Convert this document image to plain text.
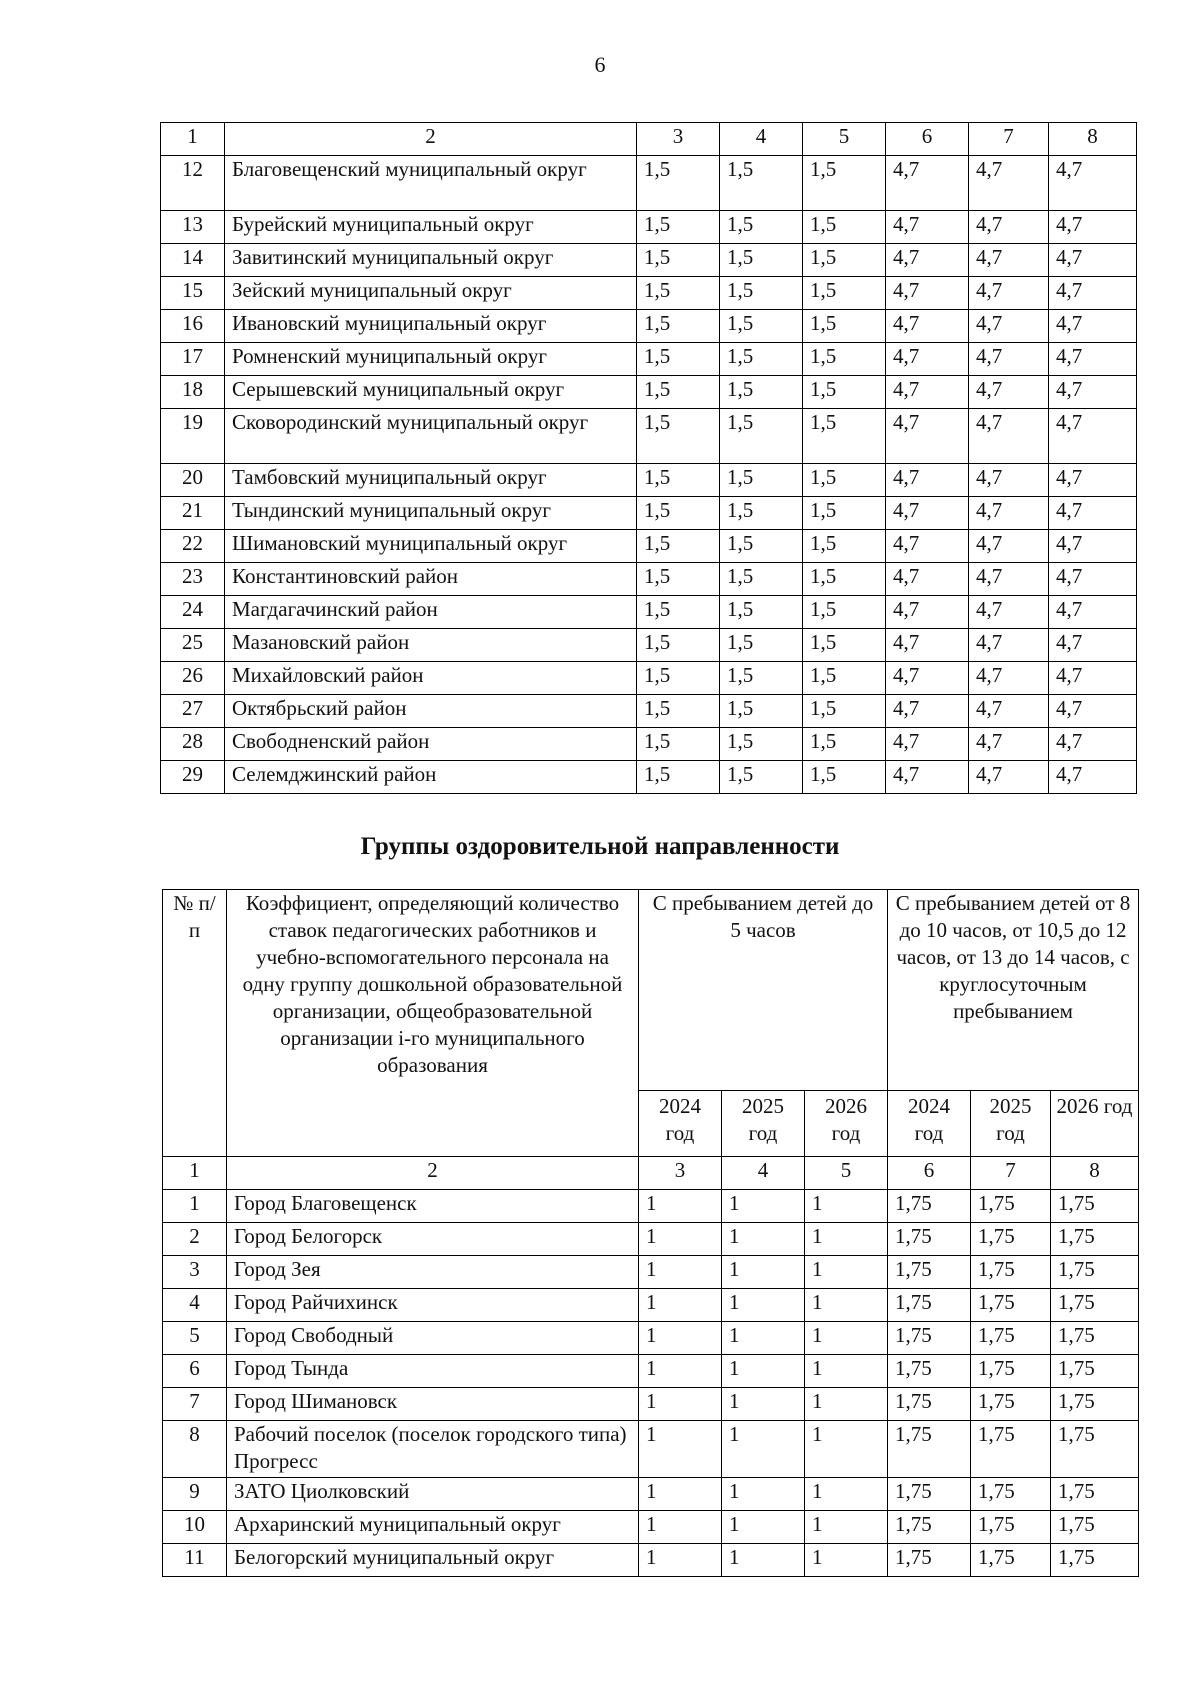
6
1	2	3	4	5	6	7	8
12	Благовещенский муниципальный округ	1,5	1,5	1,5	4,7	4,7	4,7
13	Бурейский муниципальный округ	1,5	1,5	1,5	4,7	4,7	4,7
14	Завитинский муниципальный округ	1,5	1,5	1,5	4,7	4,7	4,7
15	Зейский муниципальный округ	1,5	1,5	1,5	4,7	4,7	4,7
16	Ивановский муниципальный округ	1,5	1,5	1,5	4,7	4,7	4,7
17	Ромненский муниципальный округ	1,5	1,5	1,5	4,7	4,7	4,7
18	Серышевский муниципальный округ	1,5	1,5	1,5	4,7	4,7	4,7
19	Сковородинский муниципальный округ	1,5	1,5	1,5	4,7	4,7	4,7
20	Тамбовский муниципальный округ	1,5	1,5	1,5	4,7	4,7	4,7
21	Тындинский муниципальный округ	1,5	1,5	1,5	4,7	4,7	4,7
22	Шимановский муниципальный округ	1,5	1,5	1,5	4,7	4,7	4,7
23	Константиновский район	1,5	1,5	1,5	4,7	4,7	4,7
24	Магдагачинский район	1,5	1,5	1,5	4,7	4,7	4,7
25	Мазановский район	1,5	1,5	1,5	4,7	4,7	4,7
26	Михайловский район	1,5	1,5	1,5	4,7	4,7	4,7
27	Октябрьский район	1,5	1,5	1,5	4,7	4,7	4,7
28	Свободненский район	1,5	1,5	1,5	4,7	4,7	4,7
29	Селемджинский район	1,5	1,5	1,5	4,7	4,7	4,7
Группы оздоровительной направленности
№ п/п	Коэффициент, определяющий количество ставок педагогических работников и учебно-вспомогательного персонала на одну группу дошкольной образовательной организации, общеобразовательной организации i-го муниципального образования	С пребыванием детей до 5 часов			С пребыванием детей от 8 до 10 часов, от 10,5 до 12 часов, от 13 до 14 часов, с круглосуточным пребыванием		
		2024 год	2025 год	2026 год	2024 год	2025 год	2026 год
1	2	3	4	5	6	7	8
1	Город Благовещенск	1	1	1	1,75	1,75	1,75
2	Город Белогорск	1	1	1	1,75	1,75	1,75
3	Город Зея	1	1	1	1,75	1,75	1,75
4	Город Райчихинск	1	1	1	1,75	1,75	1,75
5	Город Свободный	1	1	1	1,75	1,75	1,75
6	Город Тында	1	1	1	1,75	1,75	1,75
7	Город Шимановск	1	1	1	1,75	1,75	1,75
8	Рабочий поселок (поселок городского типа) Прогресс	1	1	1	1,75	1,75	1,75
9	ЗАТО Циолковский	1	1	1	1,75	1,75	1,75
10	Архаринский муниципальный округ	1	1	1	1,75	1,75	1,75
11	Белогорский муниципальный округ	1	1	1	1,75	1,75	1,75
